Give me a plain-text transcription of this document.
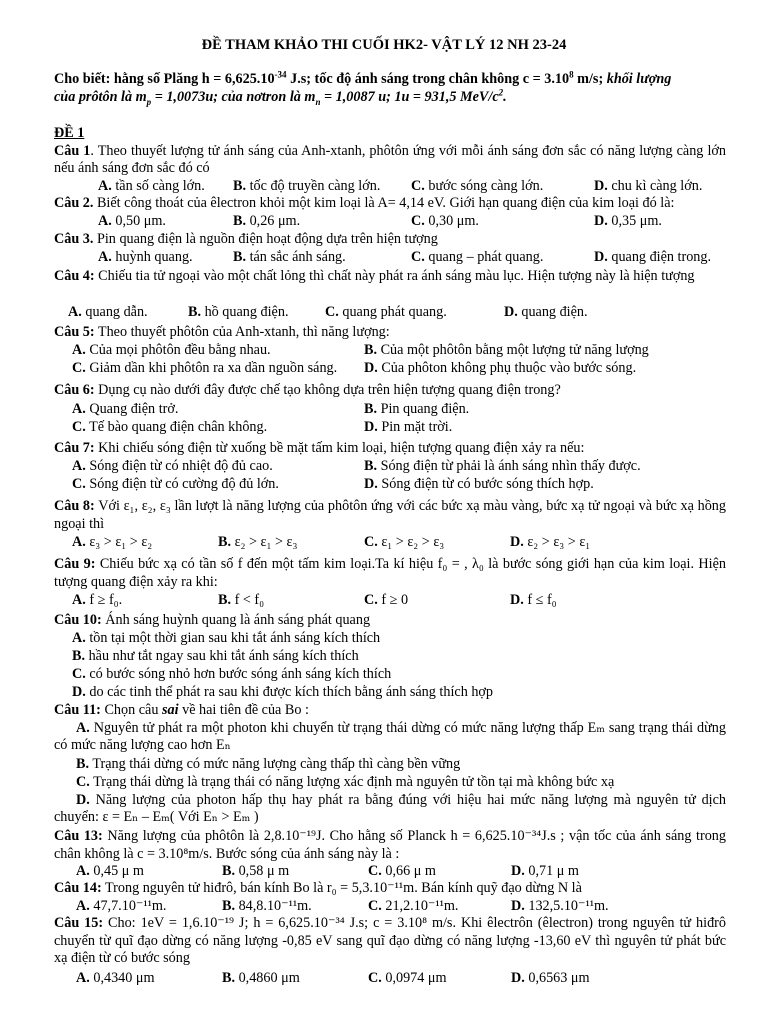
ĐỀ THAM KHẢO THI CUỐI HK2- VẬT LÝ 12 NH 23-24
Cho biết: hằng số Plăng $h = 6,625.10^{-34}$ J.s; tốc độ ánh sáng trong chân không $c = 3.10^8$ m/s; khối lượng
của prôtôn là $m_p = 1,0073u$; của nơtron là $m_n = 1,0087$ u; 1u = 931,5 MeV/$c^2$.
ĐỀ 1
Câu 1. Theo thuyết lượng tử ánh sáng của Anh-xtanh, phôtôn ứng với mỗi ánh sáng đơn sắc có năng lượng càng lớn nếu ánh sáng đơn sắc đó có
A. tần số càng lớn. B. tốc độ truyền càng lớn. C. bước sóng càng lớn.	D. chu kì càng lớn.
Câu 2. Biết công thoát của êlectron khỏi một kim loại là A= 4,14 eV. Giới hạn quang điện của kim loại đó là:
A. 0,50 μm.	B. 0,26 μm.	C. 0,30 μm.	D. 0,35 μm.
Câu 3. Pin quang điện là nguồn điện hoạt động dựa trên hiện tượng
A. huỳnh quang.	B. tán sắc ánh sáng.	C. quang – phát quang.	D. quang điện trong.
Câu 4: Chiếu tia tử ngoại vào một chất lỏng thì chất này phát ra ánh sáng màu lục. Hiện tượng này là hiện tượng
A. quang dẫn.	B. hồ quang điện.	C. quang phát quang.	D. quang điện.
Câu 5: Theo thuyết phôtôn của Anh-xtanh, thì năng lượng:
A. Của mọi phôtôn đều bằng nhau.	B. Của một phôtôn bằng một lượng tử năng lượng
C. Giảm dần khi phôtôn ra xa dần nguồn sáng. D. Của phôton không phụ thuộc vào bước sóng.
Câu 6: Dụng cụ nào dưới đây được chế tạo không dựa trên hiện tượng quang điện trong?
A. Quang điện trở.	B. Pin quang điện.
C. Tế bào quang điện chân không.	D. Pin mặt trời.
Câu 7: Khi chiếu sóng điện từ xuống bề mặt tấm kim loại, hiện tượng quang điện xảy ra nếu:
A. Sóng điện từ có nhiệt độ đủ cao.	B. Sóng điện từ phải là ánh sáng nhìn thấy được.
C. Sóng điện từ có cường độ đủ lớn.	D. Sóng điện từ có bước sóng thích hợp.
Câu 8: Với ε₁, ε₂, ε₃ lần lượt là năng lượng của phôtôn ứng với các bức xạ màu vàng, bức xạ tử ngoại và bức xạ hồng ngoại thì
A. ε₃ > ε₁ > ε₂	B. ε₂ > ε₁ > ε₃	C. ε₁ > ε₂ > ε₃	D. ε₂ > ε₃ > ε₁
Câu 9: Chiếu bức xạ có tần số f đến một tấm kim loại.Ta kí hiệu f₀ = , λ₀ là bước sóng giới hạn của kim loại. Hiện tượng quang điện xảy ra khi:
A. f ≥ f₀.	B. f < f₀	C. f ≥ 0	D. f ≤ f₀
Câu 10: Ánh sáng huỳnh quang là ánh sáng phát quang
A. tồn tại một thời gian sau khi tắt ánh sáng kích thích
B. hầu như tắt ngay sau khi tắt ánh sáng kích thích
C. có bước sóng nhỏ hơn bước sóng ánh sáng kích thích
D. do các tinh thể phát ra sau khi được kích thích bằng ánh sáng thích hợp
Câu 11: Chọn câu sai về hai tiên đề của Bo :
A. Nguyên tử phát ra một photon khi chuyển từ trạng thái dừng có mức năng lượng thấp Eₘ sang trạng thái dừng có mức năng lượng cao hơn Eₙ
B. Trạng thái dừng có mức năng lượng càng thấp thì càng bền vững
C. Trạng thái dừng là trạng thái có năng lượng xác định mà nguyên tử tồn tại mà không bức xạ
D. Năng lượng của photon hấp thụ hay phát ra bằng đúng với hiệu hai mức năng lượng mà nguyên tử dịch chuyển: ε = Eₙ – Eₘ( Với Eₙ > Eₘ )
Câu 13: Năng lượng của phôtôn là 2,8.10⁻¹⁹J. Cho hằng số Planck h = 6,625.10⁻³⁴J.s ; vận tốc của ánh sáng trong chân không là c = 3.10⁸m/s. Bước sóng của ánh sáng này là :
A. 0,45 μ m	B. 0,58 μ m	C. 0,66 μ m	D. 0,71 μ m
Câu 14: Trong nguyên tử hiđrô, bán kính Bo là r₀ = 5,3.10⁻¹¹m. Bán kính quỹ đạo dừng N là
A. 47,7.10⁻¹¹m.	B. 84,8.10⁻¹¹m.	C. 21,2.10⁻¹¹m.	D. 132,5.10⁻¹¹m.
Câu 15: Cho: 1eV = 1,6.10⁻¹⁹ J; h = 6,625.10⁻³⁴ J.s; c = 3.10⁸ m/s. Khi êlectrôn (êlectron) trong nguyên tử hiđrô chuyển từ quĩ đạo dừng có năng lượng -0,85 eV sang quĩ đạo dừng có năng lượng -13,60 eV thì nguyên tử phát bức xạ điện từ có bước sóng
A. 0,4340 μm	B. 0,4860 μm	C. 0,0974 μm	D. 0,6563 μm
